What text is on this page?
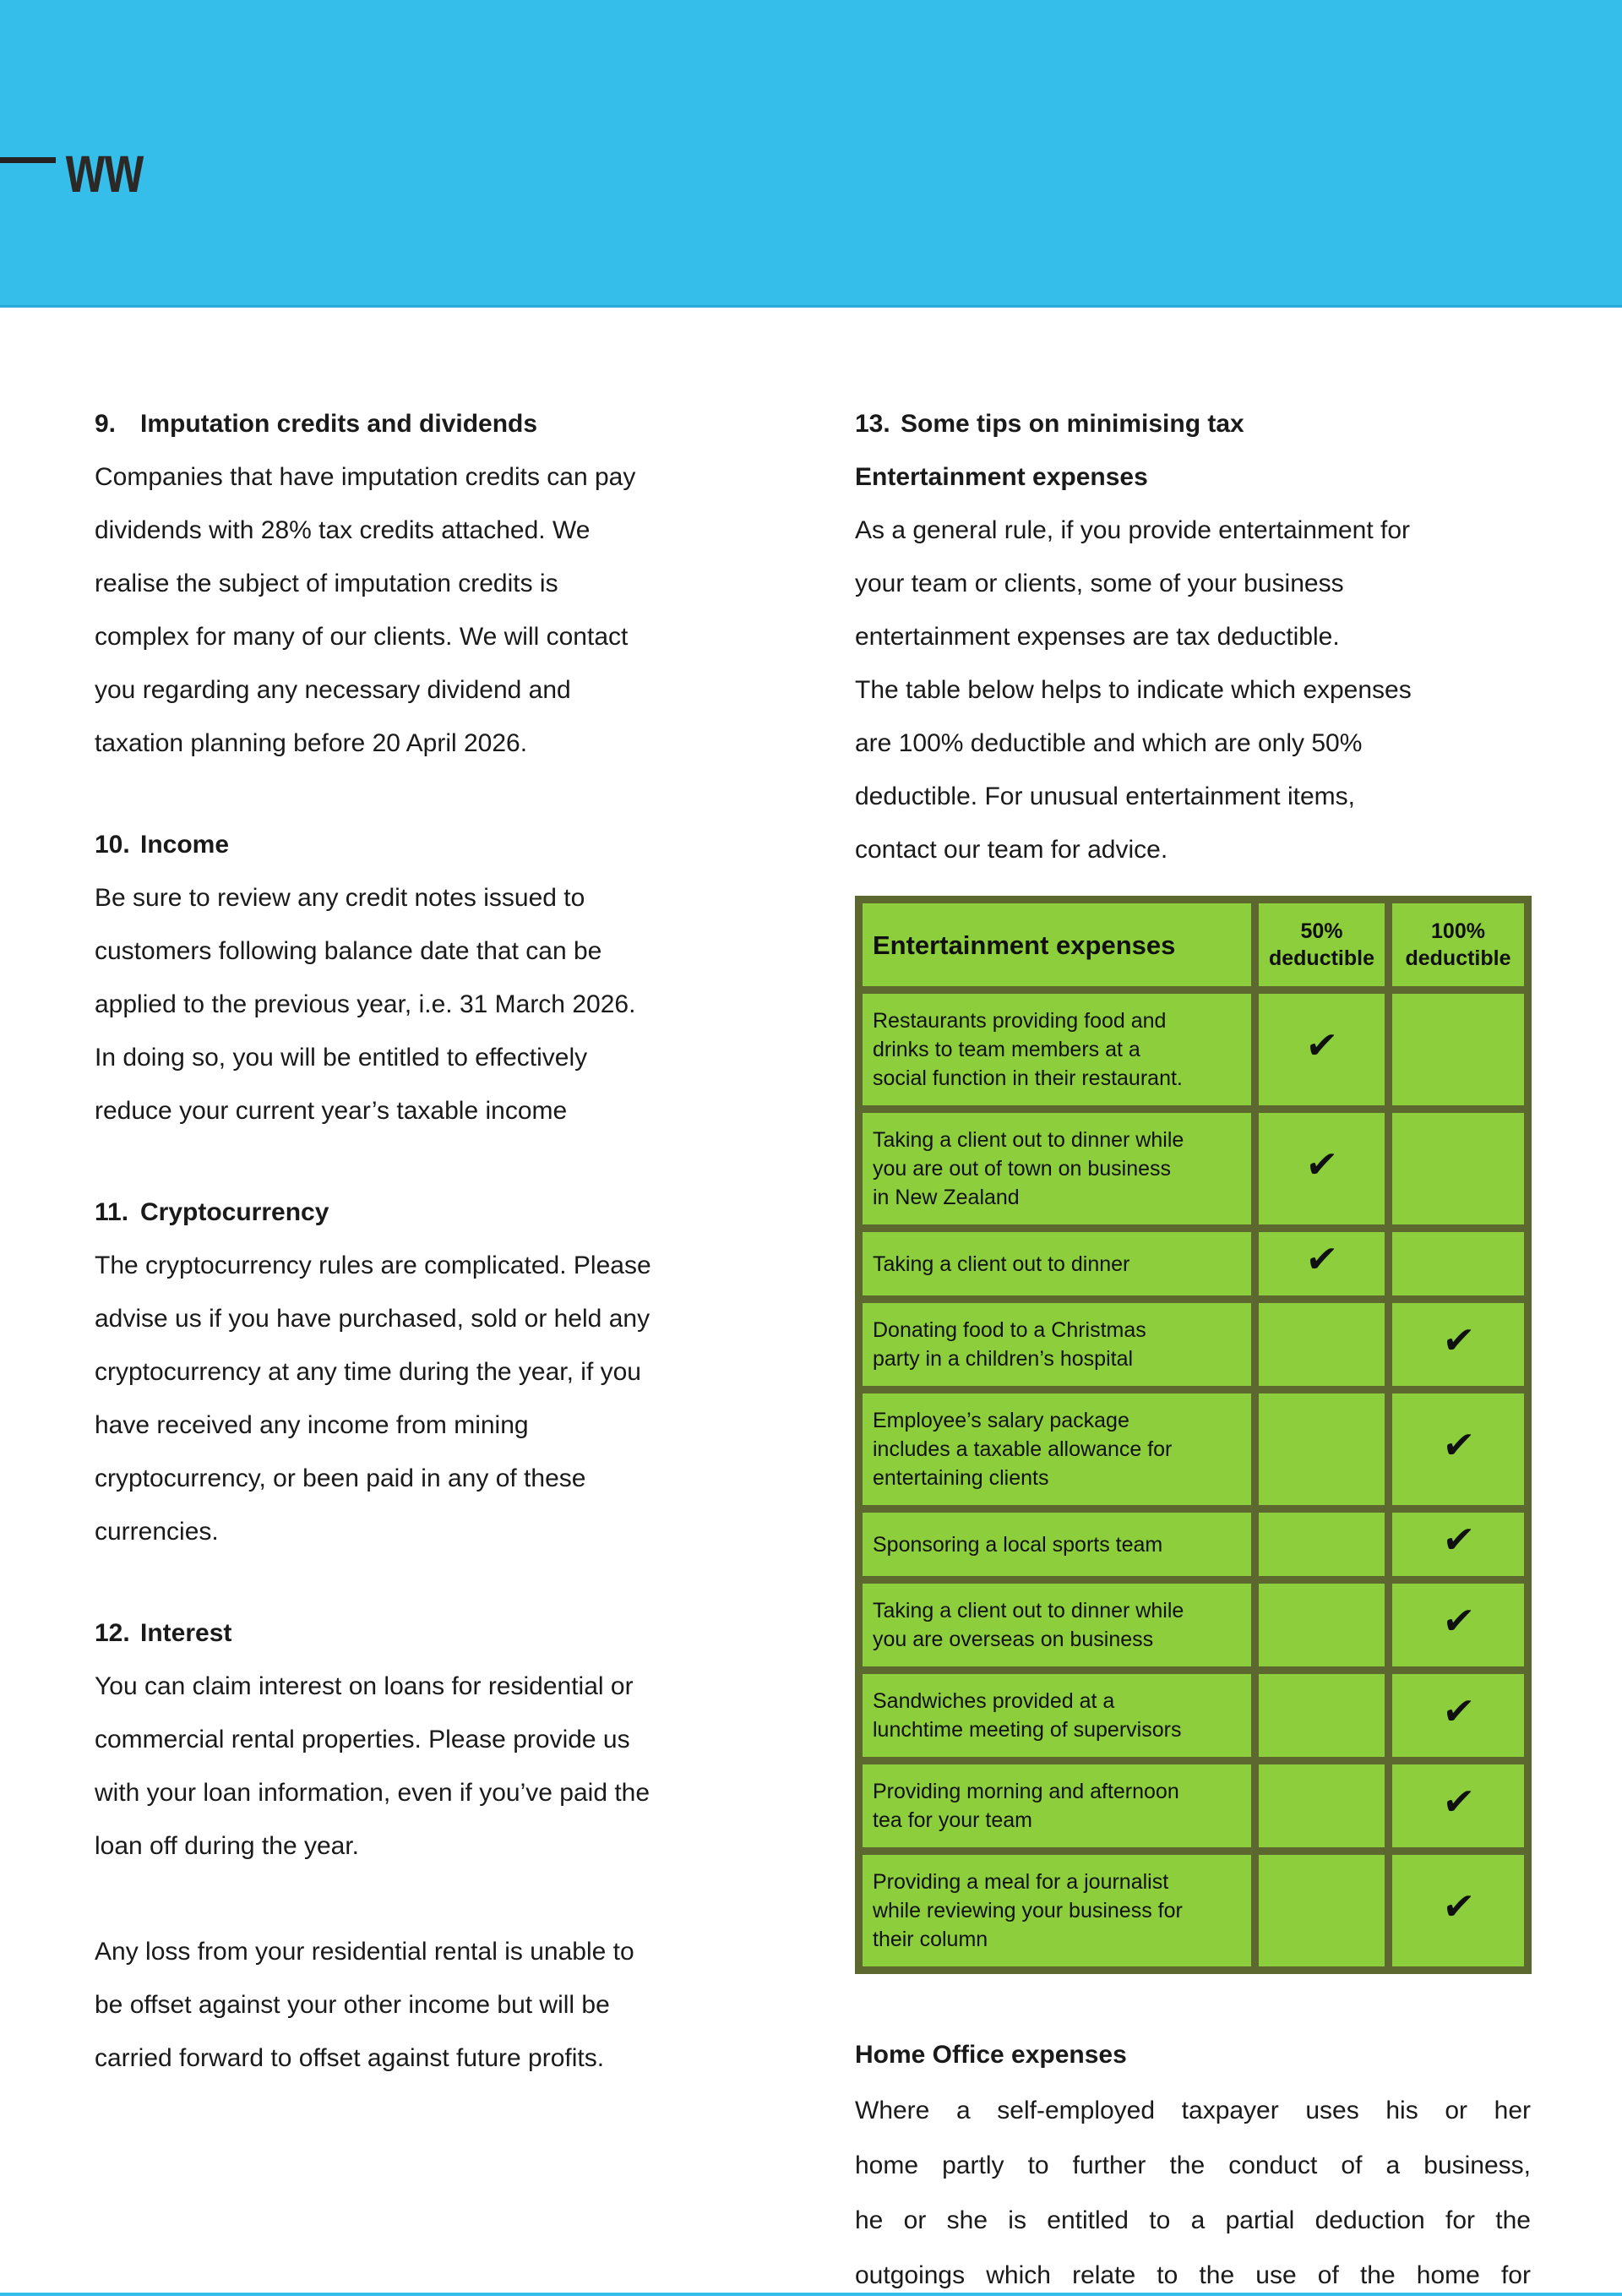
ww
9. Imputation credits and dividends
Companies that have imputation credits can pay
dividends with 28% tax credits attached. We
realise the subject of imputation credits is
complex for many of our clients. We will contact
you regarding any necessary dividend and
taxation planning before 20 April 2026.
10. Income
Be sure to review any credit notes issued to
customers following balance date that can be
applied to the previous year, i.e. 31 March 2026.
In doing so, you will be entitled to effectively
reduce your current year’s taxable income
11. Cryptocurrency
The cryptocurrency rules are complicated. Please
advise us if you have purchased, sold or held any
cryptocurrency at any time during the year, if you
have received any income from mining
cryptocurrency, or been paid in any of these
currencies.
12. Interest
You can claim interest on loans for residential or
commercial rental properties. Please provide us
with your loan information, even if you’ve paid the
loan off during the year.
Any loss from your residential rental is unable to
be offset against your other income but will be
carried forward to offset against future profits.
13. Some tips on minimising tax
Entertainment expenses
As a general rule, if you provide entertainment for
your team or clients, some of your business
entertainment expenses are tax deductible.
The table below helps to indicate which expenses
are 100% deductible and which are only 50%
deductible. For unusual entertainment items,
contact our team for advice.
Entertainment expenses	50%
deductible

100%
deductible

Restaurants providing food and
drinks to team members at a
social function in their restaurant.	✔	

Taking a client out to dinner while
you are out of town on business
in New Zealand	✔	

Taking a client out to dinner	✔	

Donating food to a Christmas
party in a children’s hospital		✔

Employee’s salary package
includes a taxable allowance for
entertaining clients		✔

Sponsoring a local sports team		✔

Taking a client out to dinner while
you are overseas on business		✔

Sandwiches provided at a
lunchtime meeting of supervisors		✔

Providing morning and afternoon
tea for your team		✔

Providing a meal for a journalist
while reviewing your business for
their column		✔
Home Office expenses
Where a self-employed taxpayer uses his or her
home partly to further the conduct of a business,
he or she is entitled to a partial deduction for the
outgoings which relate to the use of the home for
